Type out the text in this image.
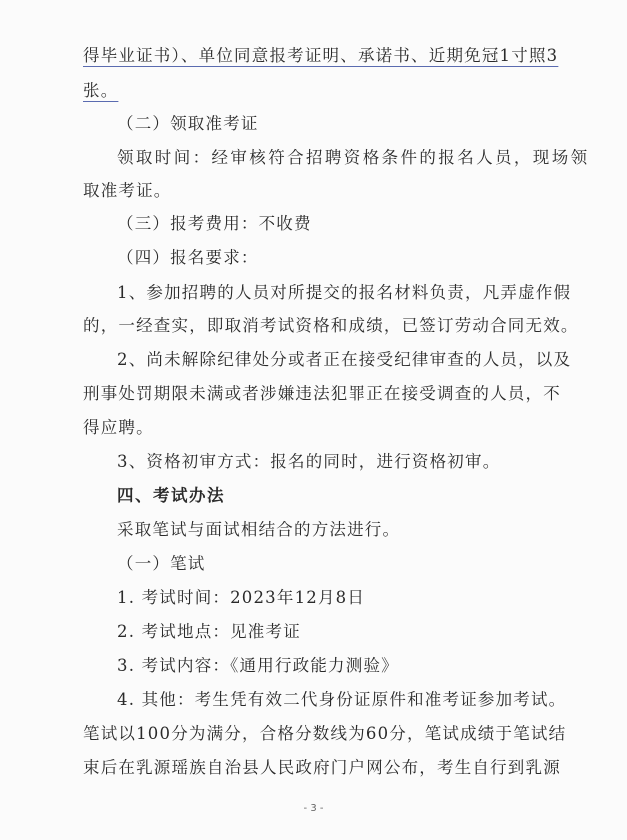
得毕业证书）、单位同意报考证明、承诺书、近期免冠1寸照3
张。
（二）领取准考证
领取时间：经审核符合招聘资格条件的报名人员，现场领
取准考证。
（三）报考费用：不收费
（四）报名要求：
1、参加招聘的人员对所提交的报名材料负责，凡弄虚作假
的，一经查实，即取消考试资格和成绩，已签订劳动合同无效。
2、尚未解除纪律处分或者正在接受纪律审查的人员，以及
刑事处罚期限未满或者涉嫌违法犯罪正在接受调查的人员，不
得应聘。
3、资格初审方式：报名的同时，进行资格初审。
四、考试办法
采取笔试与面试相结合的方法进行。
（一）笔试
1. 考试时间：2023年12月8日
2. 考试地点：见准考证
3. 考试内容：《通用行政能力测验》
4. 其他：考生凭有效二代身份证原件和准考证参加考试。
笔试以100分为满分，合格分数线为60分，笔试成绩于笔试结
束后在乳源瑶族自治县人民政府门户网公布，考生自行到乳源
- 3 -
